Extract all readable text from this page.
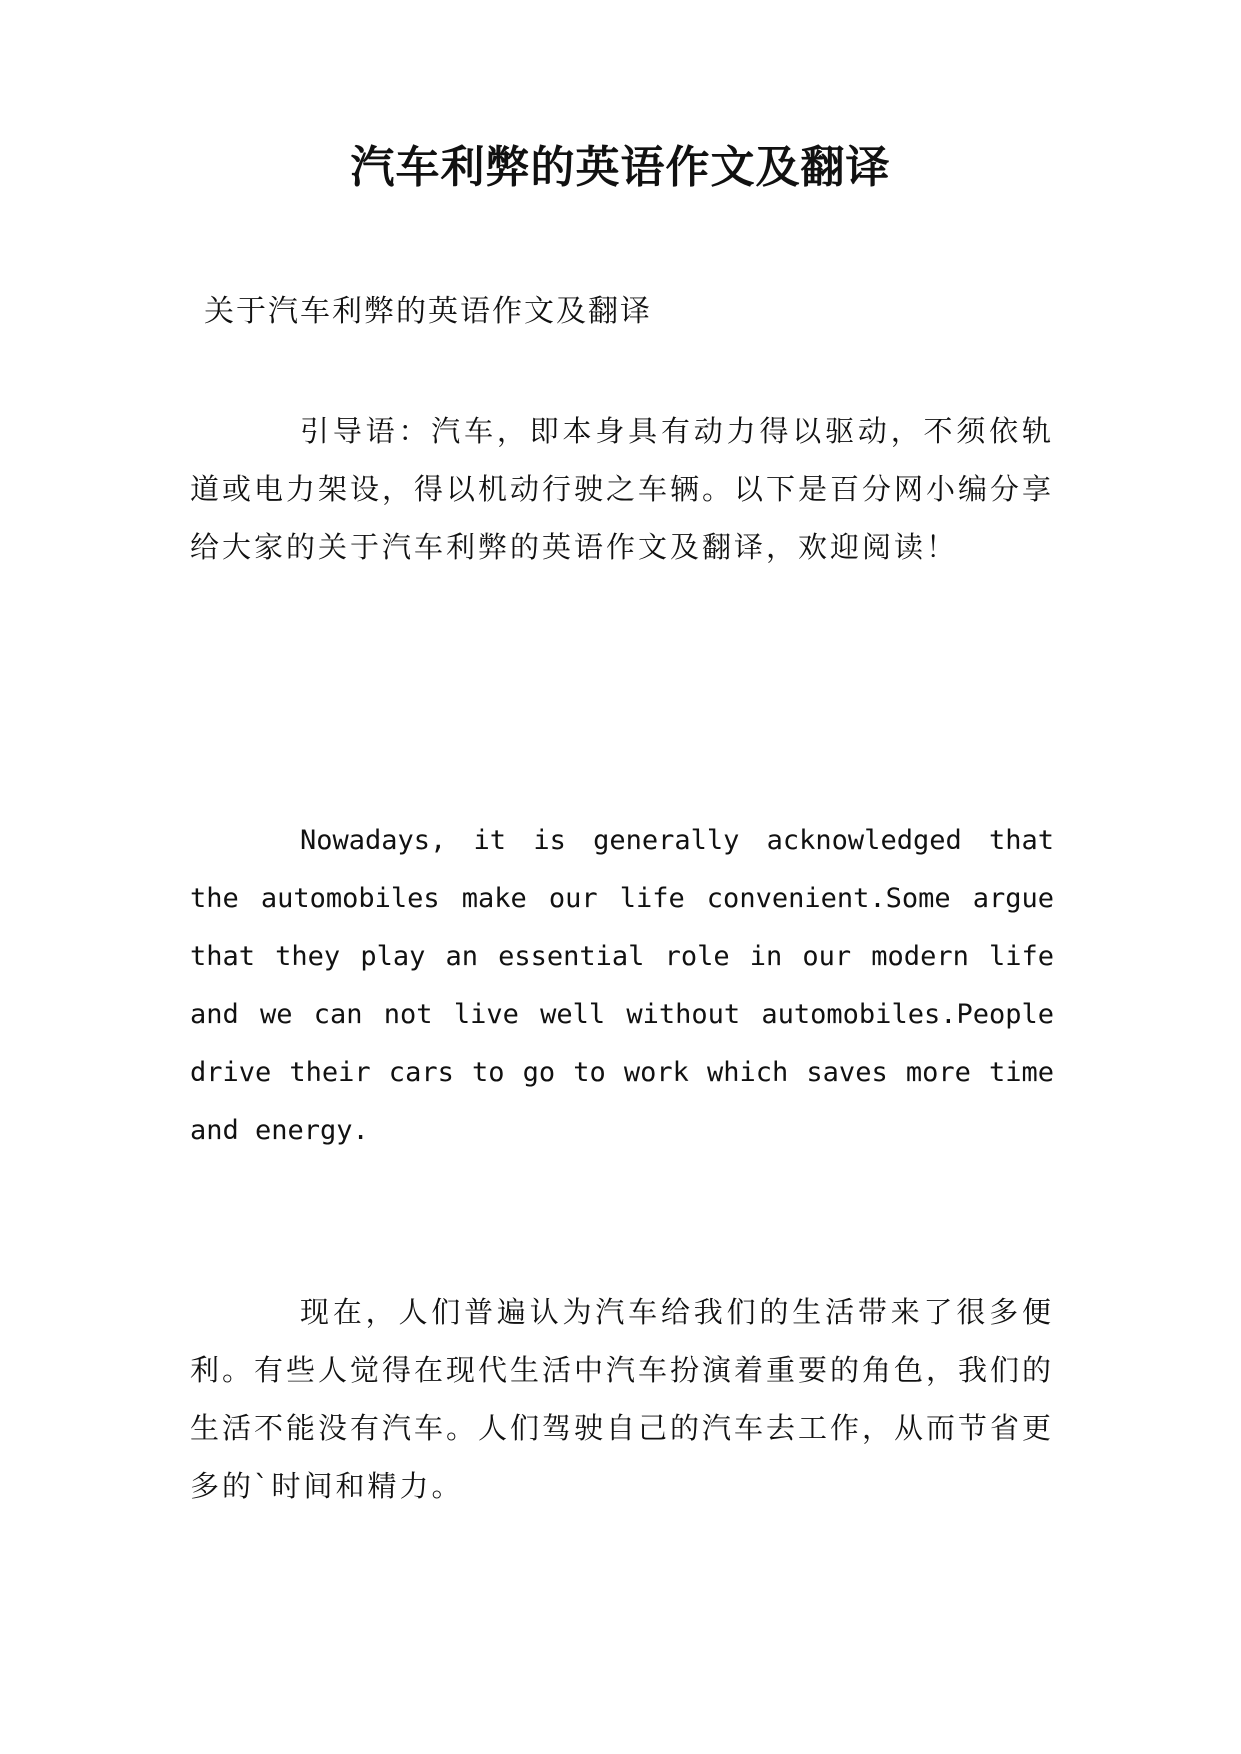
汽车利弊的英语作文及翻译
关于汽车利弊的英语作文及翻译
引导语：汽车，即本身具有动力得以驱动，不须依轨道或电力架设，得以机动行驶之车辆。以下是百分网小编分享给大家的关于汽车利弊的英语作文及翻译，欢迎阅读！
Nowadays, it is generally acknowledged that the automobiles make our life convenient.Some argue that they play an essential role in our modern life and we can not live well without automobiles.People drive their cars to go to work which saves more time and energy.
现在，人们普遍认为汽车给我们的生活带来了很多便利。有些人觉得在现代生活中汽车扮演着重要的角色，我们的生活不能没有汽车。人们驾驶自己的汽车去工作，从而节省更多的`时间和精力。
